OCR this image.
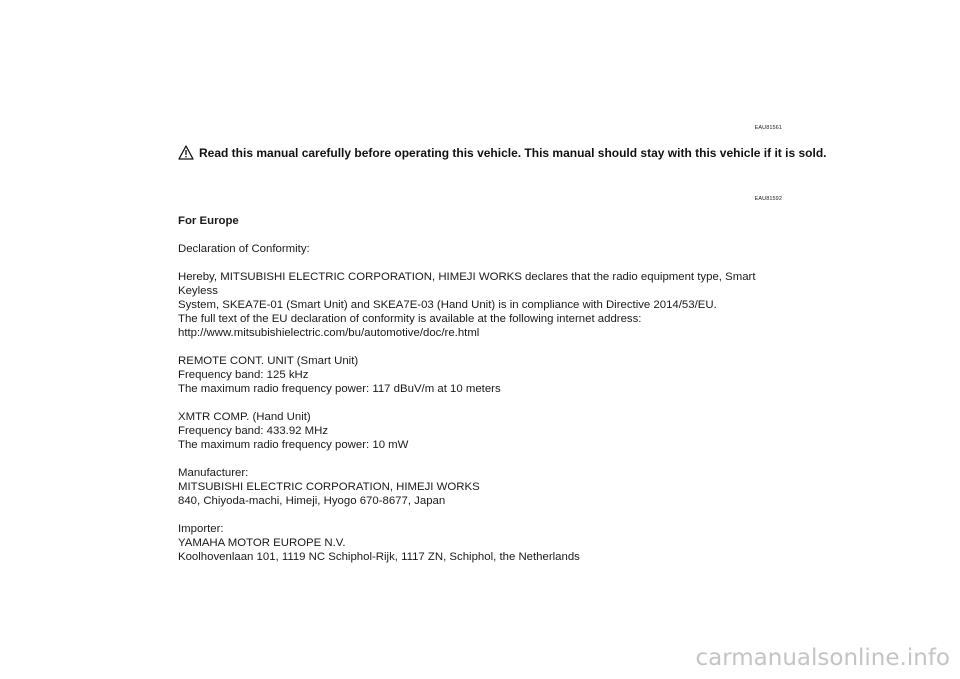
EAU81561
Read this manual carefully before operating this vehicle. This manual should stay with this vehicle if it is sold.
EAU81592

For Europe

Declaration of Conformity:

Hereby, MITSUBISHI ELECTRIC CORPORATION, HIMEJI WORKS declares that the radio equipment type, Smart Keyless

System, SKEA7E-01 (Smart Unit) and SKEA7E-03 (Hand Unit) is in compliance with Directive 2014/53/EU.

The full text of the EU declaration of conformity is available at the following internet address:

http://www.mitsubishielectric.com/bu/automotive/doc/re.html

REMOTE CONT. UNIT (Smart Unit)

Frequency band: 125 kHz

The maximum radio frequency power: 117 dBuV/m at 10 meters

XMTR COMP. (Hand Unit)

Frequency band: 433.92 MHz

The maximum radio frequency power: 10 mW

Manufacturer:

MITSUBISHI ELECTRIC CORPORATION, HIMEJI WORKS

840, Chiyoda-machi, Himeji, Hyogo 670-8677, Japan

Importer:

YAMAHA MOTOR EUROPE N.V.

Koolhovenlaan 101, 1119 NC Schiphol-Rijk, 1117 ZN, Schiphol, the Netherlands

carmanualsonline.info
